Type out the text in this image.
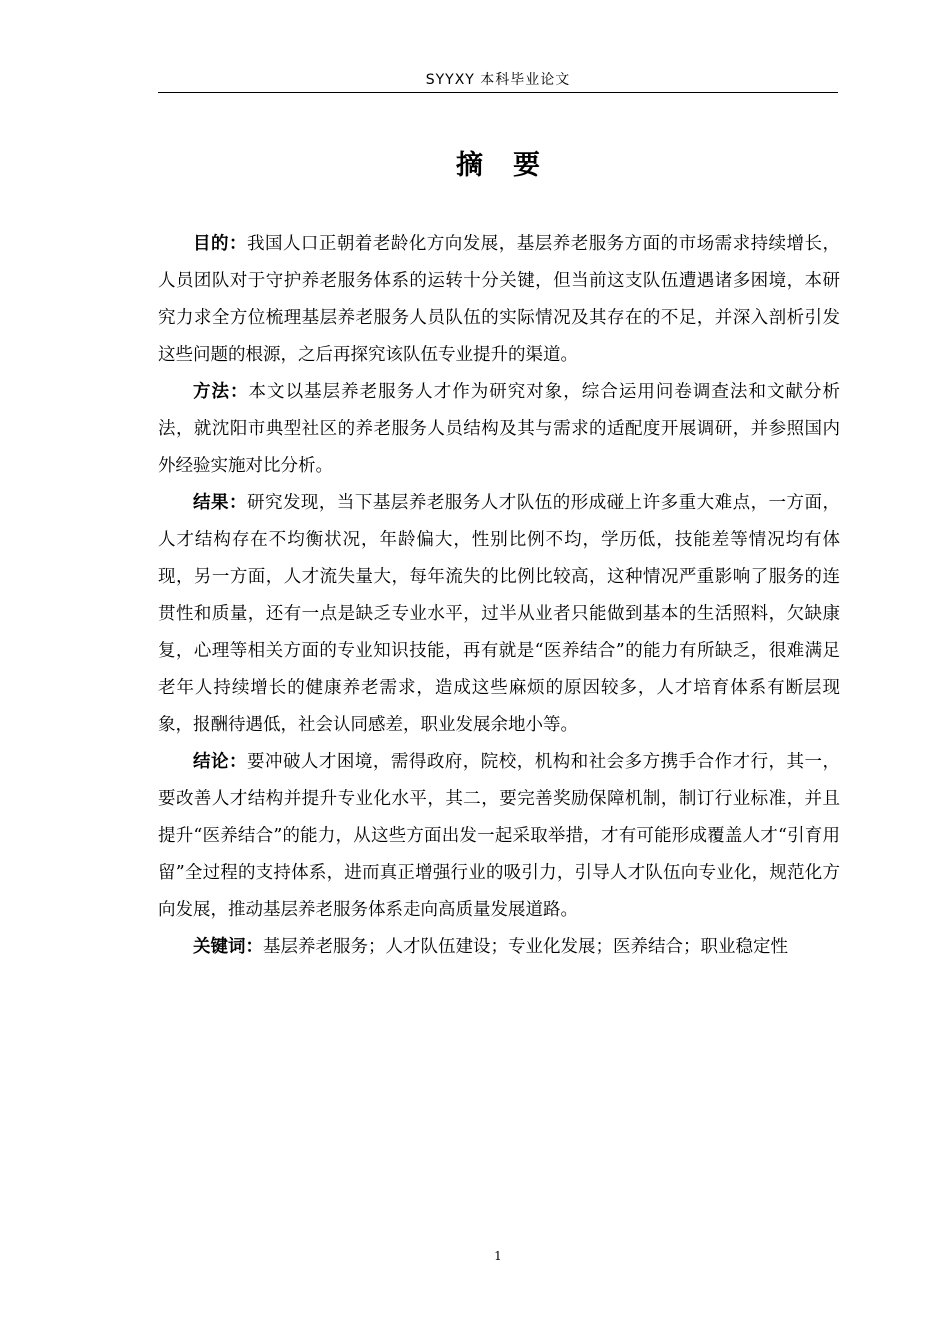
SYYXY 本科毕业论文
摘要

目的：我国人口正朝着老龄化方向发展，基层养老服务方面的市场需求持续增长，人员团队对于守护养老服务体系的运转十分关键，但当前这支队伍遭遇诸多困境，本研究力求全方位梳理基层养老服务人员队伍的实际情况及其存在的不足，并深入剖析引发这些问题的根源，之后再探究该队伍专业提升的渠道。

方法：本文以基层养老服务人才作为研究对象，综合运用问卷调查法和文献分析法，就沈阳市典型社区的养老服务人员结构及其与需求的适配度开展调研，并参照国内外经验实施对比分析。

结果：研究发现，当下基层养老服务人才队伍的形成碰上许多重大难点，一方面，人才结构存在不均衡状况，年龄偏大，性别比例不均，学历低，技能差等情况均有体现，另一方面，人才流失量大，每年流失的比例比较高，这种情况严重影响了服务的连贯性和质量，还有一点是缺乏专业水平，过半从业者只能做到基本的生活照料，欠缺康复，心理等相关方面的专业知识技能，再有就是“医养结合”的能力有所缺乏，很难满足老年人持续增长的健康养老需求，造成这些麻烦的原因较多，人才培育体系有断层现象，报酬待遇低，社会认同感差，职业发展余地小等。

结论：要冲破人才困境，需得政府，院校，机构和社会多方携手合作才行，其一，要改善人才结构并提升专业化水平，其二，要完善奖励保障机制，制订行业标准，并且提升“医养结合”的能力，从这些方面出发一起采取举措，才有可能形成覆盖人才“引育用留”全过程的支持体系，进而真正增强行业的吸引力，引导人才队伍向专业化，规范化方向发展，推动基层养老服务体系走向高质量发展道路。

关键词：基层养老服务；人才队伍建设；专业化发展；医养结合；职业稳定性

1
